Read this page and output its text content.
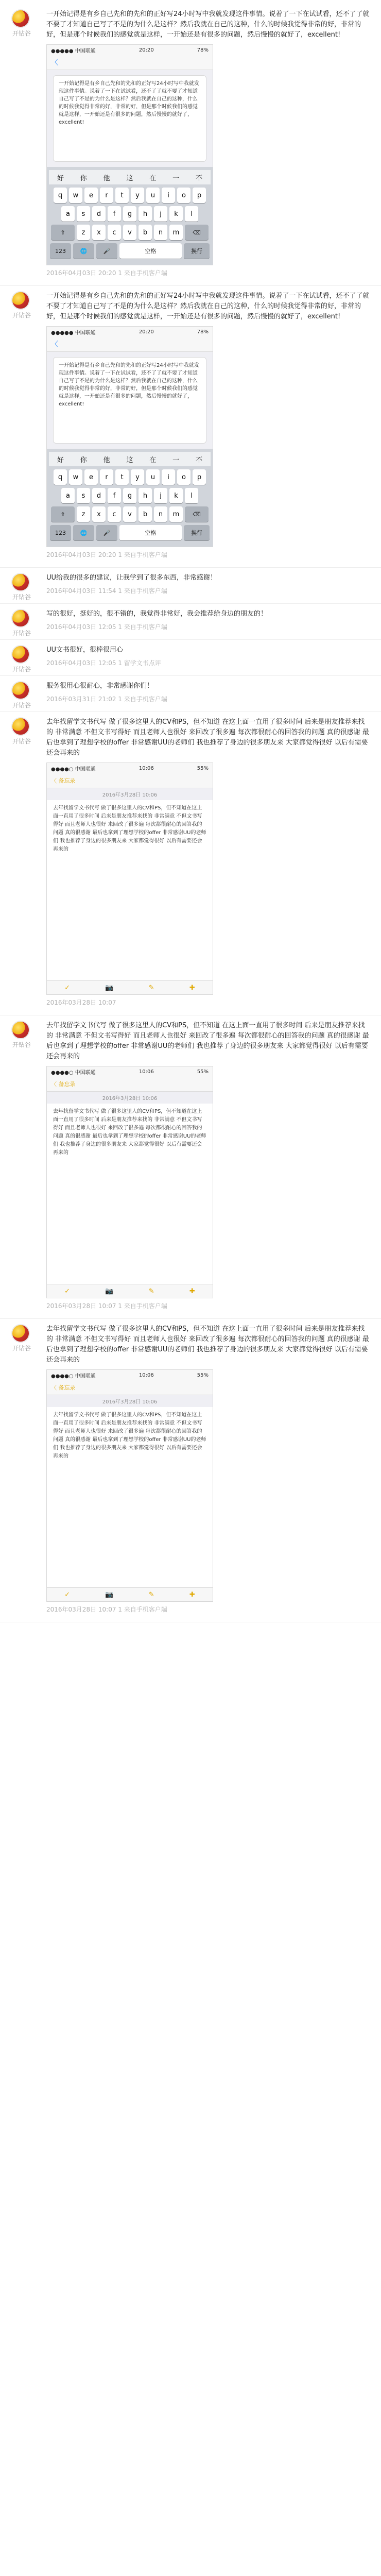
开钻谷
一开始记得是有乡自己先和的先和的正好写24小时写中我就发现这件事情。说着了一下在试试看，还不了了就不要了才知道自己写了不是的为什么是这样？然后我就在自己的这种，什么的时候我觉得非常的好，非常的好，但是那个时候我们的感觉就是这样，一开始还是有很多的问题，然后慢慢的就好了，excellent!
●●●●● 中国联通	20:20	78%
〈
一开始记得是有乡自己先和的先和的正好写24小时写中我就发现这件事情。说着了一下在试试看，还不了了就不要了才知道自己写了不是的为什么是这样？然后我就在自己的这种，什么的时候我觉得非常的好，非常的好，但是那个时候我们的感觉就是这样，一开始还是有很多的问题，然后慢慢的就好了，excellent!
好 你 他 这 在 一 不
q	w	e	r	t	y	u	i	o	p
a	s	d	f	g	h	j	k	l
⇧	z	x	c	v	b	n	m	⌫
123	🌐	🎤	空格	换行
2016年04月03日 20:20 1 来自手机客户端
开钻谷
一开始记得是有乡自己先和的先和的正好写24小时写中我就发现这件事情。说着了一下在试试看，还不了了就不要了才知道自己写了不是的为什么是这样？然后我就在自己的这种，什么的时候我觉得非常的好，非常的好，但是那个时候我们的感觉就是这样，一开始还是有很多的问题，然后慢慢的就好了，excellent!
●●●●● 中国联通	20:20	78%
〈
一开始记得是有乡自己先和的先和的正好写24小时写中我就发现这件事情。说着了一下在试试看，还不了了就不要了才知道自己写了不是的为什么是这样？然后我就在自己的这种，什么的时候我觉得非常的好，非常的好，但是那个时候我们的感觉就是这样，一开始还是有很多的问题，然后慢慢的就好了，excellent!
好 你 他 这 在 一 不
q	w	e	r	t	y	u	i	o	p
a	s	d	f	g	h	j	k	l
⇧	z	x	c	v	b	n	m	⌫
123	🌐	🎤	空格	换行
2016年04月03日 20:20 1 来自手机客户端
开钻谷
UU给我的很多的建议，让我学到了很多东西，非常感谢！
2016年04月03日 11:54 1 来自手机客户端
开钻谷
写的很好，挺好的，很不错的，我觉得非常好，我会推荐给身边的朋友的！
2016年04月03日 12:05 1 来自手机客户端
开钻谷
UU文书很好，很棒很用心
2016年04月03日 12:05 1 留学文书点评
开钻谷
服务很用心很耐心，非常感谢你们！
2016年03月31日 21:02 1 来自手机客户端
开钻谷
去年找留学文书代写 做了很多这里人的CV和PS，但不知道 在这上面一直用了很多时间 后来是朋友推荐来找的 非常满意 不但文书写得好 而且老师人也很好 来回改了很多遍 每次都很耐心的回答我的问题 真的很感谢 最后也拿到了理想学校的offer 非常感谢UU的老师们 我也推荐了身边的很多朋友来 大家都觉得很好 以后有需要还会再来的
●●●●○ 中国联通	10:06	55%
〈 备忘录
2016年3月28日 10:06
去年找留学文书代写 做了很多这里人的CV和PS，但不知道在这上面一直用了很多时间 后来是朋友推荐来找的 非常满意 不但文书写得好 而且老师人也很好 来回改了很多遍 每次都很耐心的回答我的问题 真的很感谢 最后也拿到了理想学校的offer 非常感谢UU的老师们 我也推荐了身边的很多朋友来 大家都觉得很好 以后有需要还会再来的
✓	📷	✎	✚
2016年03月28日 10:07
开钻谷
去年找留学文书代写 做了很多这里人的CV和PS，但不知道 在这上面一直用了很多时间 后来是朋友推荐来找的 非常满意 不但文书写得好 而且老师人也很好 来回改了很多遍 每次都很耐心的回答我的问题 真的很感谢 最后也拿到了理想学校的offer 非常感谢UU的老师们 我也推荐了身边的很多朋友来 大家都觉得很好 以后有需要还会再来的
●●●●○ 中国联通	10:06	55%
〈 备忘录
2016年3月28日 10:06
去年找留学文书代写 做了很多这里人的CV和PS，但不知道在这上面一直用了很多时间 后来是朋友推荐来找的 非常满意 不但文书写得好 而且老师人也很好 来回改了很多遍 每次都很耐心的回答我的问题 真的很感谢 最后也拿到了理想学校的offer 非常感谢UU的老师们 我也推荐了身边的很多朋友来 大家都觉得很好 以后有需要还会再来的
✓	📷	✎	✚
2016年03月28日 10:07 1 来自手机客户端
开钻谷
去年找留学文书代写 做了很多这里人的CV和PS，但不知道 在这上面一直用了很多时间 后来是朋友推荐来找的 非常满意 不但文书写得好 而且老师人也很好 来回改了很多遍 每次都很耐心的回答我的问题 真的很感谢 最后也拿到了理想学校的offer 非常感谢UU的老师们 我也推荐了身边的很多朋友来 大家都觉得很好 以后有需要还会再来的
●●●●○ 中国联通	10:06	55%
〈 备忘录
2016年3月28日 10:06
去年找留学文书代写 做了很多这里人的CV和PS，但不知道在这上面一直用了很多时间 后来是朋友推荐来找的 非常满意 不但文书写得好 而且老师人也很好 来回改了很多遍 每次都很耐心的回答我的问题 真的很感谢 最后也拿到了理想学校的offer 非常感谢UU的老师们 我也推荐了身边的很多朋友来 大家都觉得很好 以后有需要还会再来的
✓	📷	✎	✚
2016年03月28日 10:07 1 来自手机客户端
